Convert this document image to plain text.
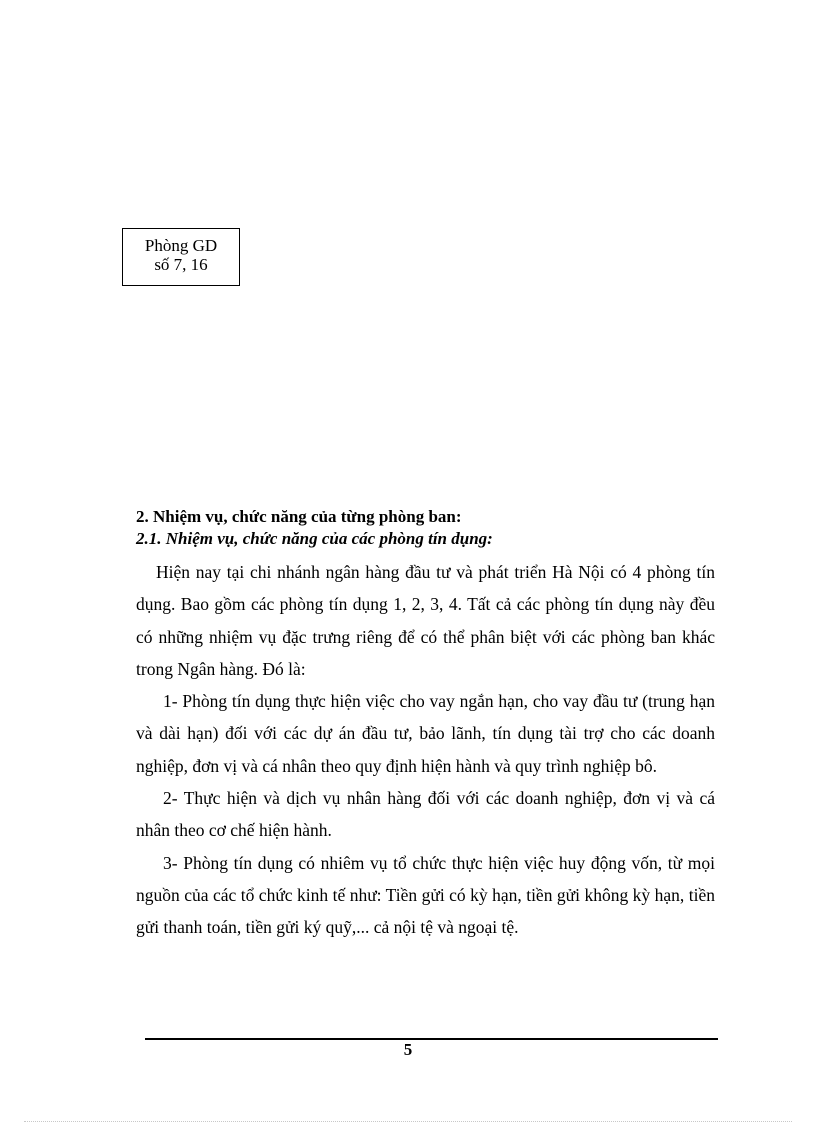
Phòng GD
số 7, 16
2. Nhiệm vụ, chức năng của từng phòng ban:
2.1. Nhiệm vụ, chức năng của các phòng tín dụng:

Hiện nay tại chi nhánh ngân hàng đầu tư và phát triển Hà Nội có 4 phòng tín dụng. Bao gồm các phòng tín dụng 1, 2, 3, 4. Tất cả các phòng tín dụng này đều có những nhiệm vụ đặc trưng riêng để có thể phân biệt với các phòng ban khác trong Ngân hàng. Đó là:

1- Phòng tín dụng thực hiện việc cho vay ngắn hạn, cho vay đầu tư (trung hạn và dài hạn) đối với các dự án đầu tư, bảo lãnh, tín dụng tài trợ cho các doanh nghiệp, đơn vị và cá nhân theo quy định hiện hành và quy trình nghiệp bô.

2- Thực hiện và dịch vụ nhân hàng đối với các doanh nghiệp, đơn vị và cá nhân theo cơ chế hiện hành.

3- Phòng tín dụng có nhiêm vụ tổ chức thực hiện việc huy động vốn, từ mọi nguồn của các tổ chức kinh tế như: Tiền gửi có kỳ hạn, tiền gửi không kỳ hạn, tiền gửi thanh toán, tiền gửi ký quỹ,... cả nội tệ và ngoại tệ.

5
